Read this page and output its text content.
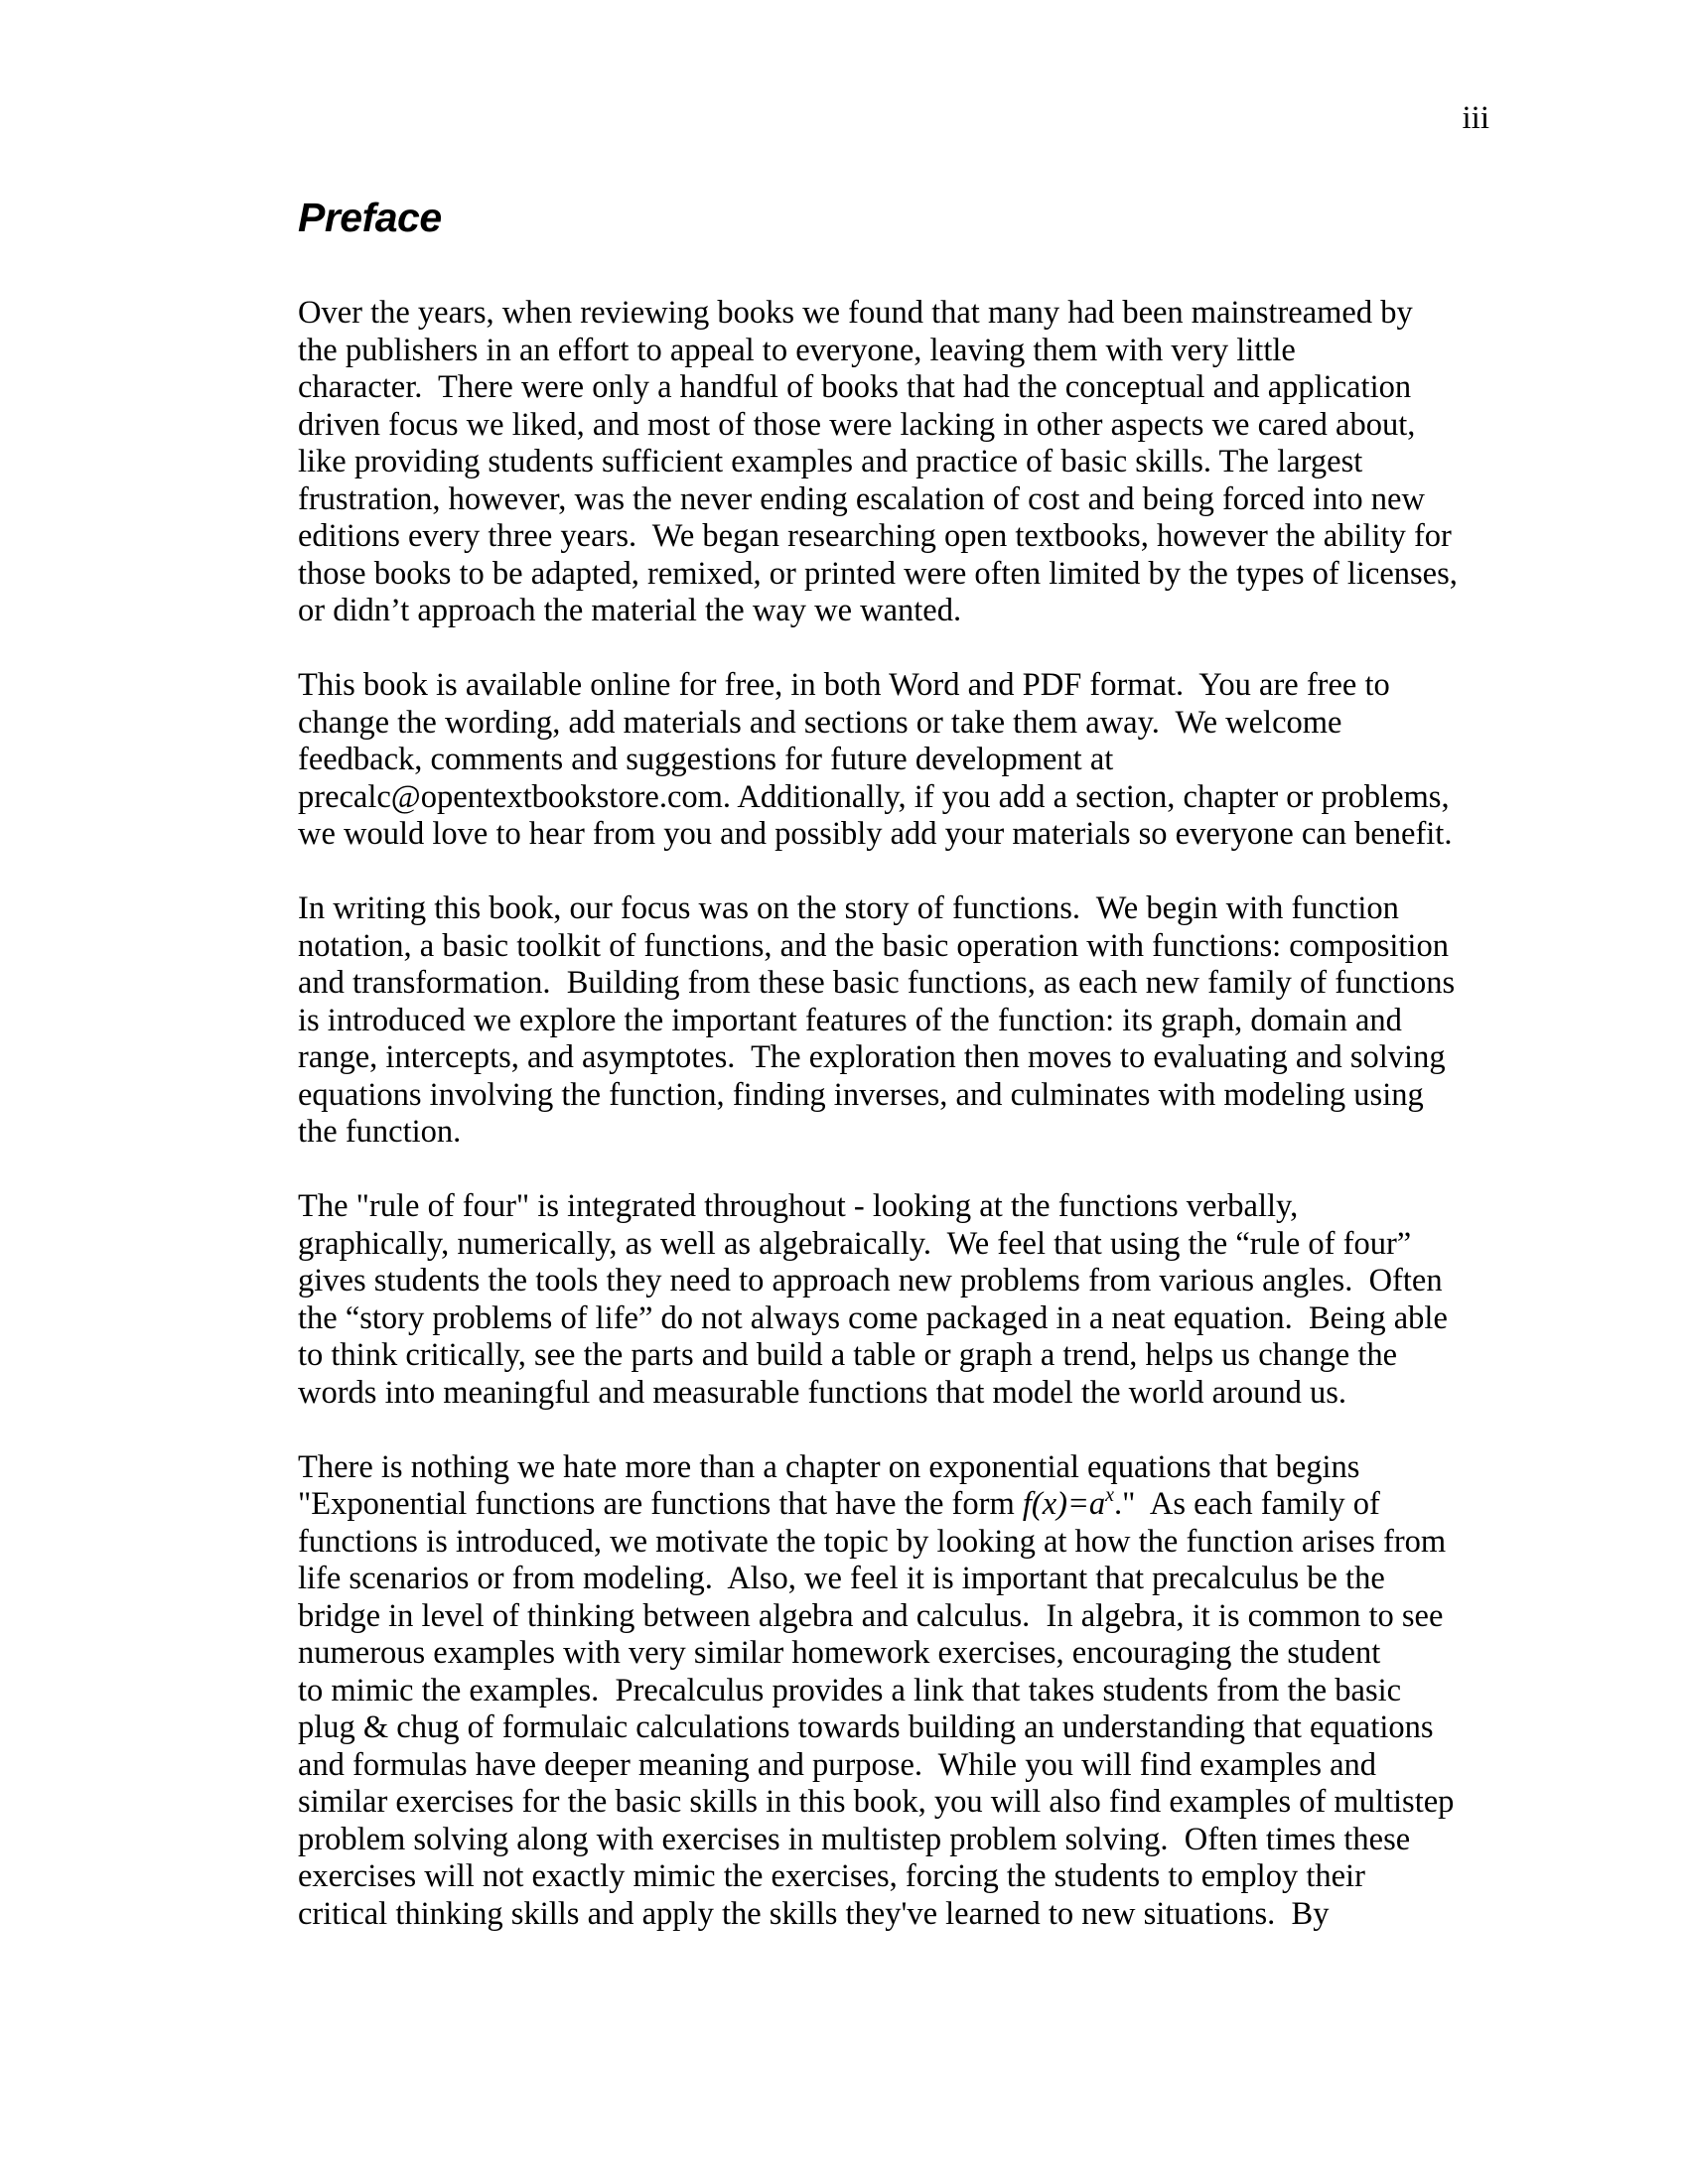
iii
Preface
Over the years, when reviewing books we found that many had been mainstreamed by
the publishers in an effort to appeal to everyone, leaving them with very little
character.  There were only a handful of books that had the conceptual and application
driven focus we liked, and most of those were lacking in other aspects we cared about,
like providing students sufficient examples and practice of basic skills. The largest
frustration, however, was the never ending escalation of cost and being forced into new
editions every three years.  We began researching open textbooks, however the ability for
those books to be adapted, remixed, or printed were often limited by the types of licenses,
or didn’t approach the material the way we wanted.
This book is available online for free, in both Word and PDF format.  You are free to
change the wording, add materials and sections or take them away.  We welcome
feedback, comments and suggestions for future development at
precalc@opentextbookstore.com. Additionally, if you add a section, chapter or problems,
we would love to hear from you and possibly add your materials so everyone can benefit.
In writing this book, our focus was on the story of functions.  We begin with function
notation, a basic toolkit of functions, and the basic operation with functions: composition
and transformation.  Building from these basic functions, as each new family of functions
is introduced we explore the important features of the function: its graph, domain and
range, intercepts, and asymptotes.  The exploration then moves to evaluating and solving
equations involving the function, finding inverses, and culminates with modeling using
the function.
The "rule of four" is integrated throughout - looking at the functions verbally,
graphically, numerically, as well as algebraically.  We feel that using the “rule of four”
gives students the tools they need to approach new problems from various angles.  Often
the “story problems of life” do not always come packaged in a neat equation.  Being able
to think critically, see the parts and build a table or graph a trend, helps us change the
words into meaningful and measurable functions that model the world around us.
There is nothing we hate more than a chapter on exponential equations that begins
"Exponential functions are functions that have the form $f(x)=a^x$."  As each family of
functions is introduced, we motivate the topic by looking at how the function arises from
life scenarios or from modeling.  Also, we feel it is important that precalculus be the
bridge in level of thinking between algebra and calculus.  In algebra, it is common to see
numerous examples with very similar homework exercises, encouraging the student
to mimic the examples.  Precalculus provides a link that takes students from the basic
plug & chug of formulaic calculations towards building an understanding that equations
and formulas have deeper meaning and purpose.  While you will find examples and
similar exercises for the basic skills in this book, you will also find examples of multistep
problem solving along with exercises in multistep problem solving.  Often times these
exercises will not exactly mimic the exercises, forcing the students to employ their
critical thinking skills and apply the skills they've learned to new situations.  By
